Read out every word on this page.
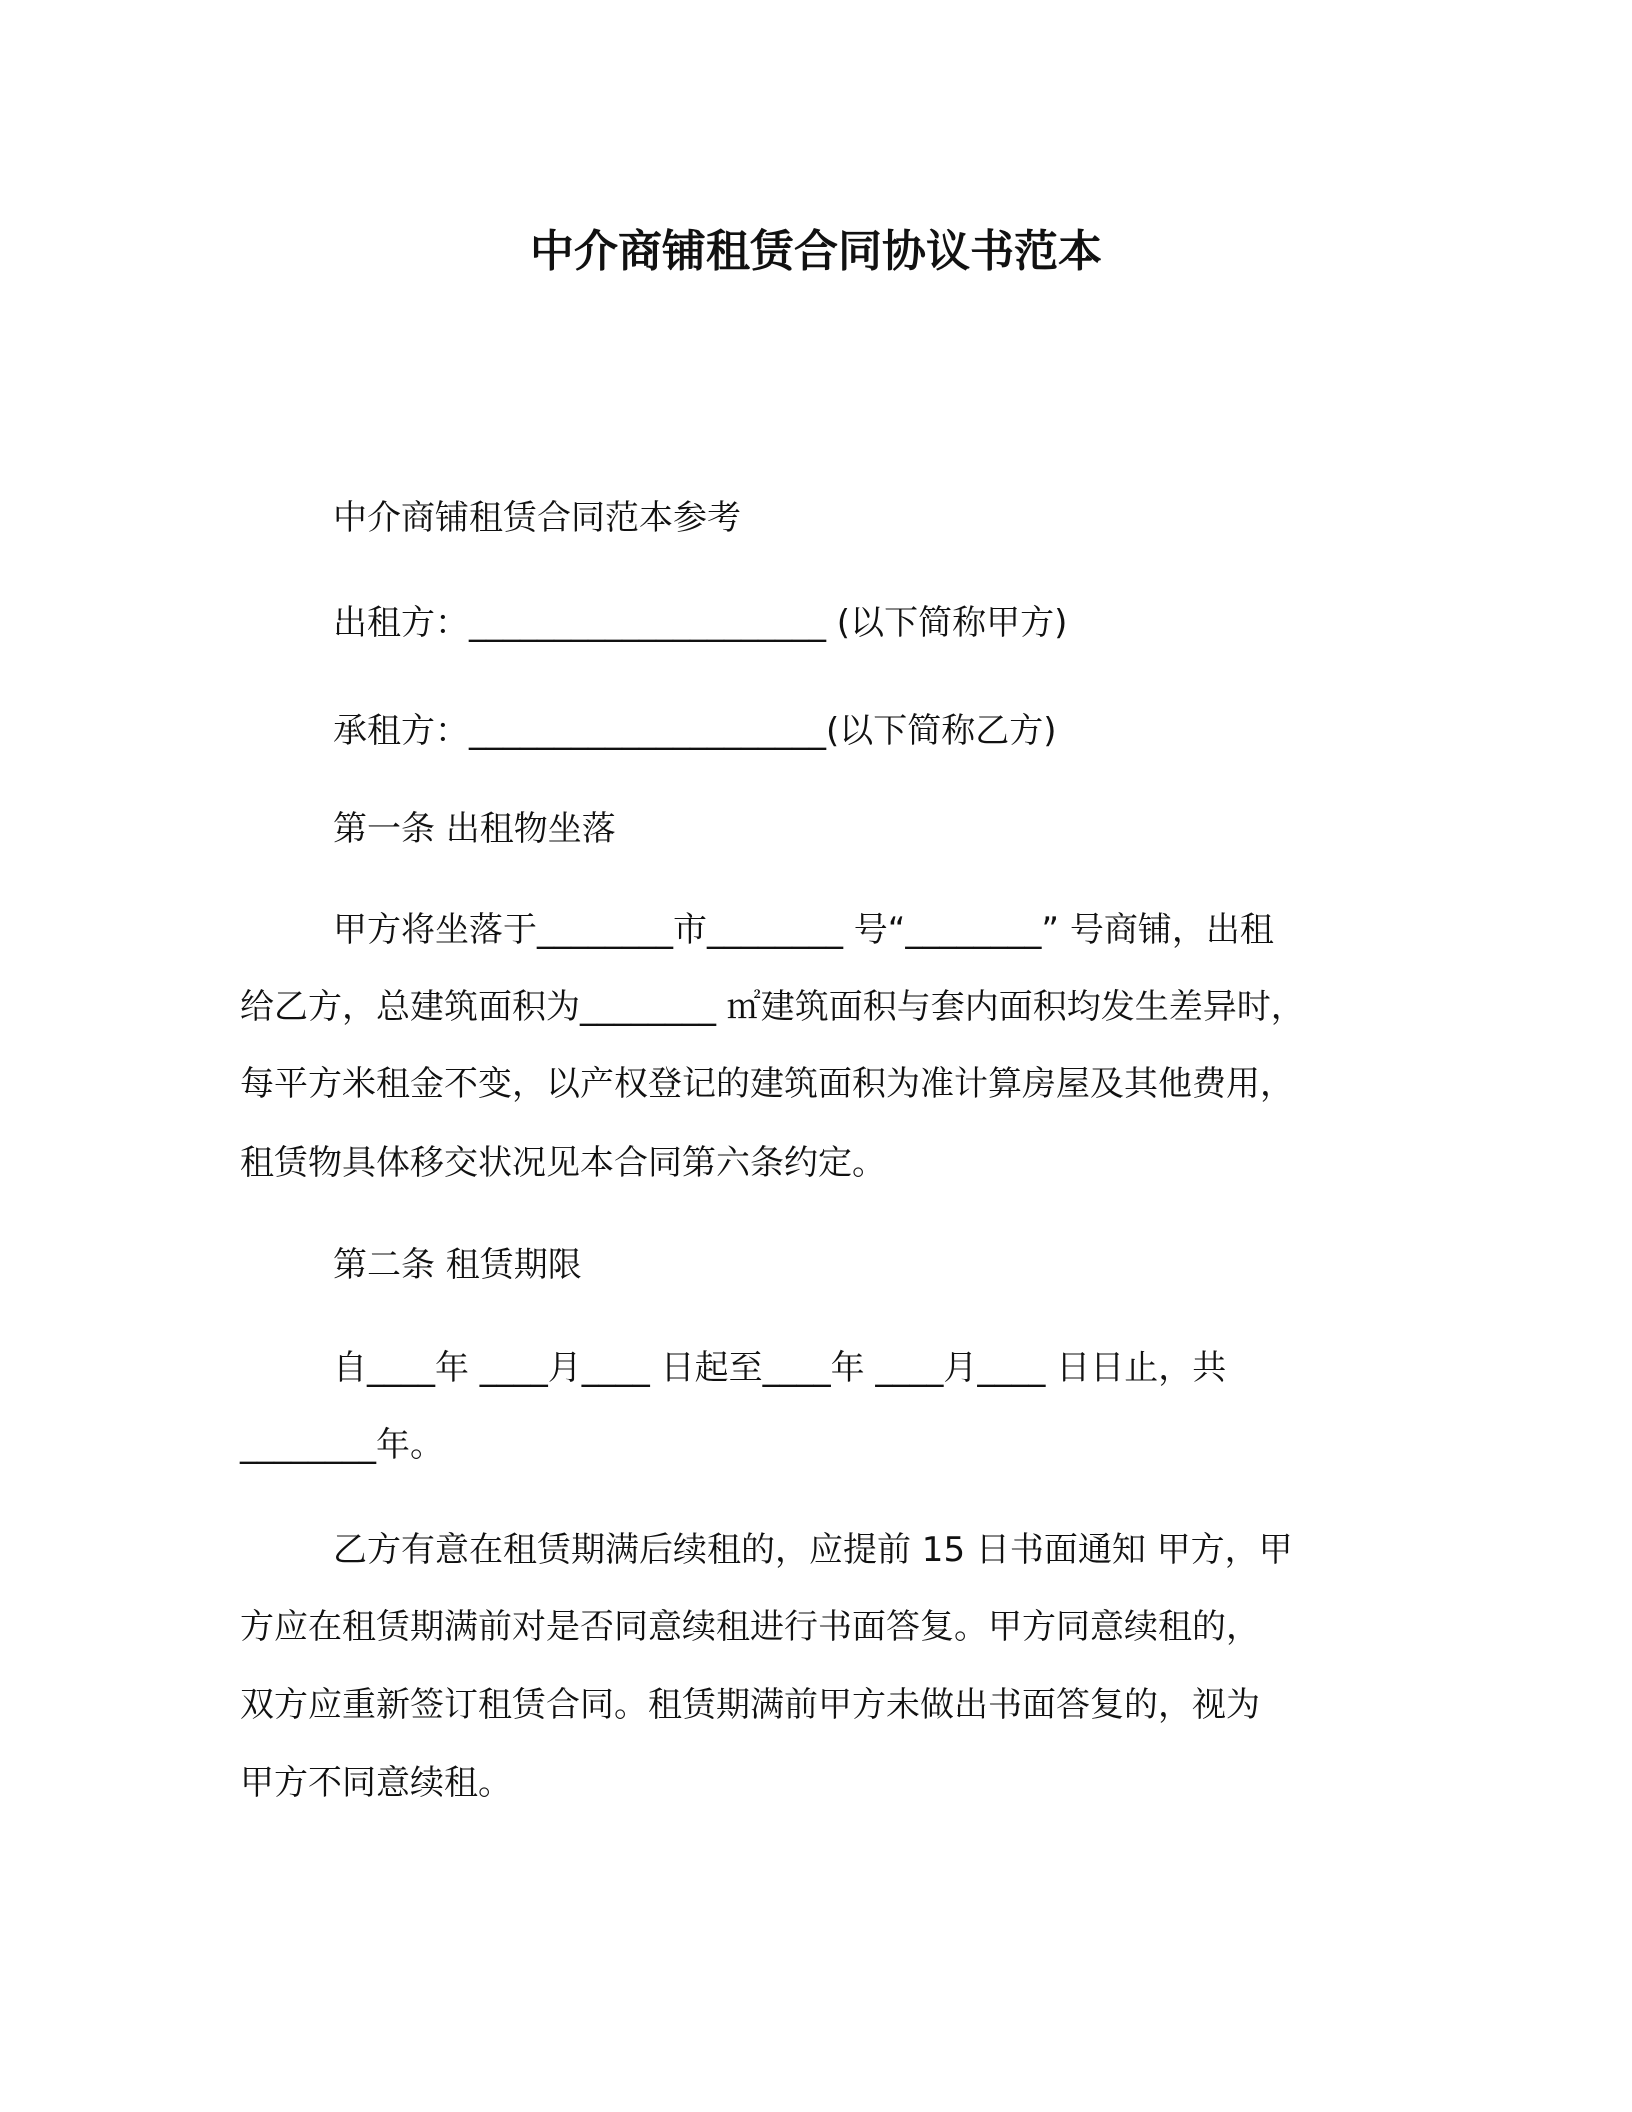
中介商铺租赁合同协议书范本
中介商铺租赁合同范本参考
出租方：_____________________ (以下简称甲方)
承租方：_____________________(以下简称乙方)
第一条 出租物坐落
甲方将坐落于________市________ 号“________” 号商铺，出租
给乙方，总建筑面积为________ ㎡建筑面积与套内面积均发生差异时，
每平方米租金不变，以产权登记的建筑面积为准计算房屋及其他费用，
租赁物具体移交状况见本合同第六条约定。
第二条 租赁期限
自____年 ____月____ 日起至____年 ____月____ 日日止，共
________年。
乙方有意在租赁期满后续租的，应提前 15 日书面通知 甲方，甲
方应在租赁期满前对是否同意续租进行书面答复。甲方同意续租的，
双方应重新签订租赁合同。租赁期满前甲方未做出书面答复的，视为
甲方不同意续租。
